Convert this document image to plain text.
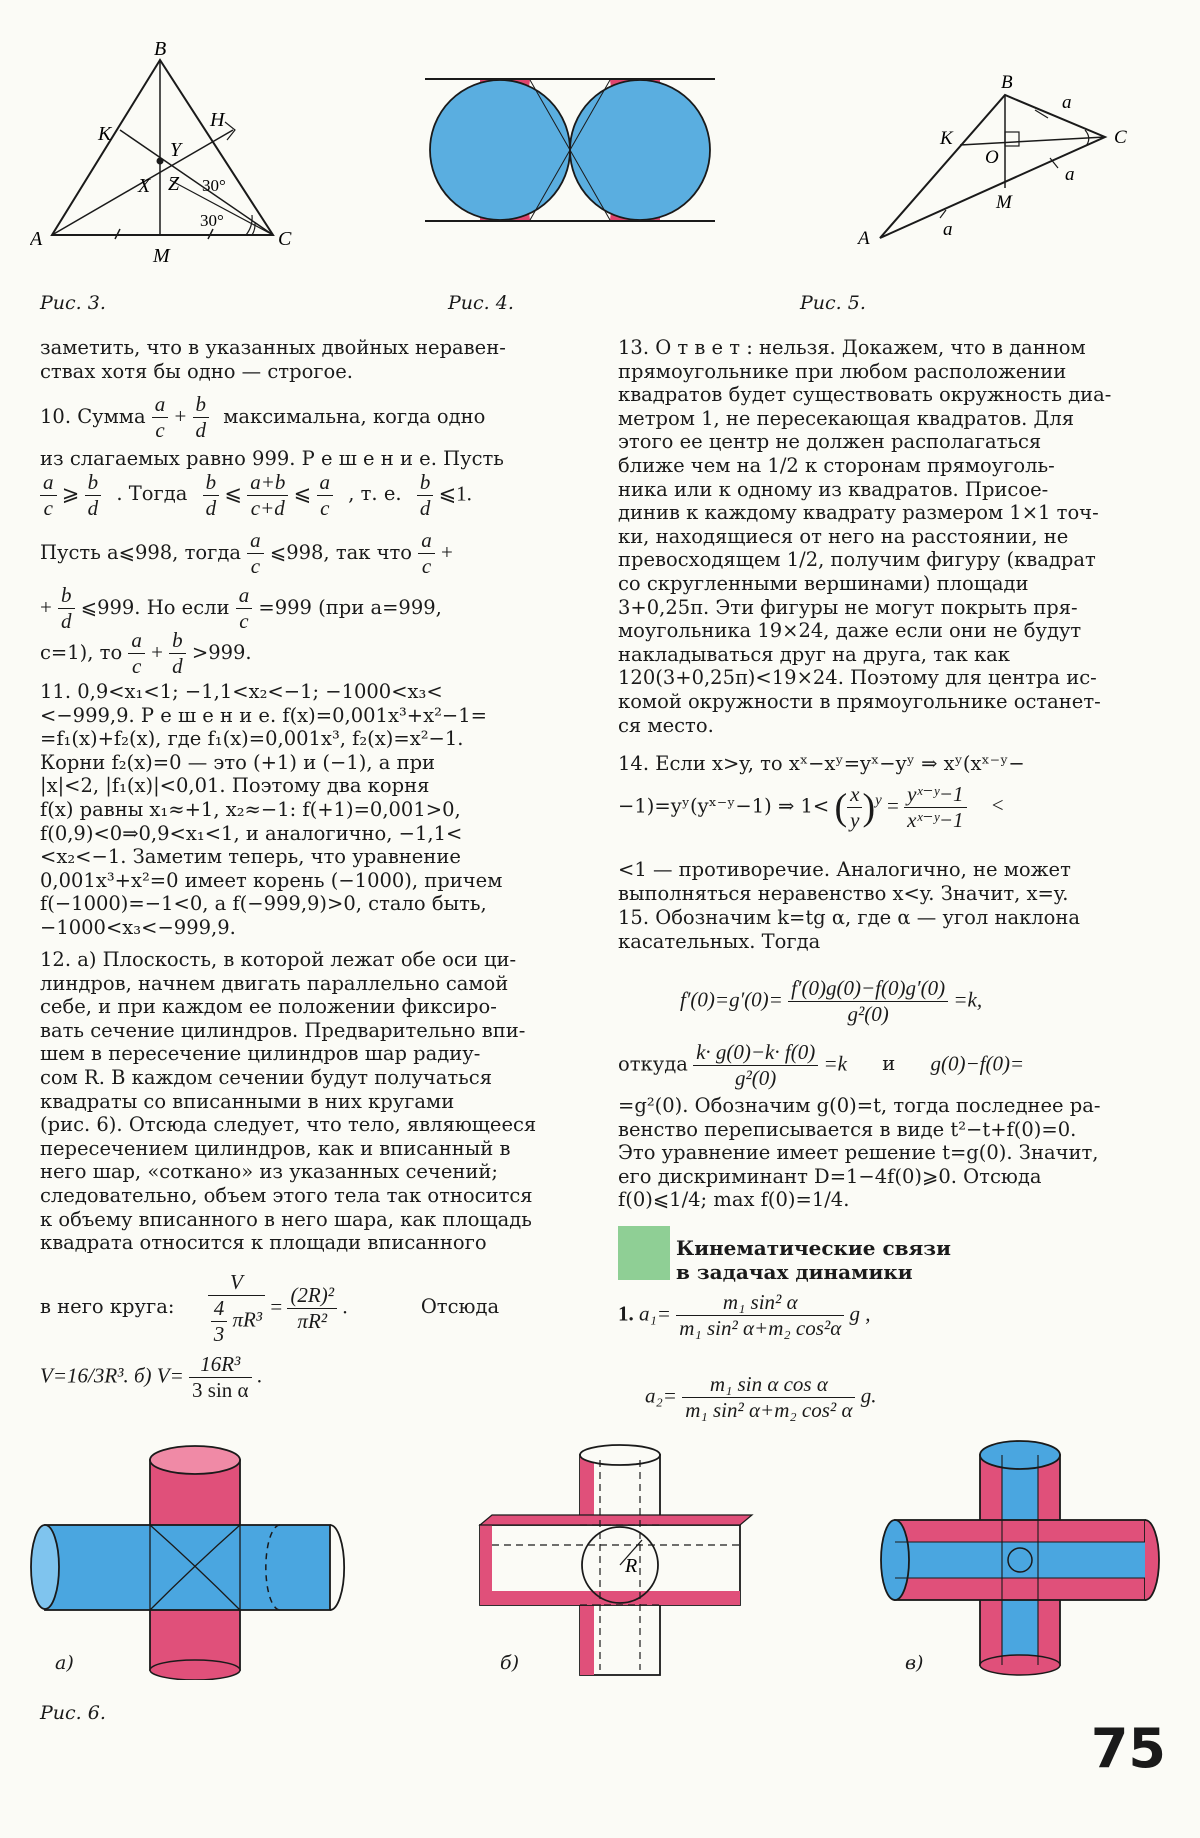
B
K
H
Y
X Z
A
M
C
30°
30°
Рис. 3.	Рис. 4.
B
a
K
O
C
a
M
a
A
Рис. 5.
заметить, что в указанных двойных неравен-
ствах хотя бы одно — строгое.
10. Сумма $\frac{a}{c} + \frac{b}{d}$ максимальна, когда одно
из слагаемых равно 999. Р е ш е н и е. Пусть
$\frac{a}{c}$ ⩾ $\frac{b}{d}$ . Тогда $\frac{b}{d}$ ⩽ $\frac{a+b}{c+d}$ ⩽ $\frac{a}{c}$ , т. е. $\frac{b}{d}$ ⩽1.
Пусть a⩽998, тогда $\frac{a}{c}$ ⩽998, так что $\frac{a}{c}$ +
+ $\frac{b}{d}$ ⩽999. Но если $\frac{a}{c} =999$ (при a=999,
c=1), то $\frac{a}{c} + \frac{b}{d} >999$.
11. 0,9<x₁<1; −1,1<x₂<−1; −1000<x₃<
<−999,9. Р е ш е н и е. f(x)=0,001x³+x²−1=
=f₁(x)+f₂(x), где f₁(x)=0,001x³, f₂(x)=x²−1.
Корни f₂(x)=0 — это (+1) и (−1), а при
|x|<2, |f₁(x)|<0,01. Поэтому два корня
f(x) равны x₁≈+1, x₂≈−1: f(+1)=0,001>0,
f(0,9)<0⇒0,9<x₁<1, и аналогично, −1,1<
<x₂<−1. Заметим теперь, что уравнение
0,001x³+x²=0 имеет корень (−1000), причем
f(−1000)=−1<0, а f(−999,9)>0, стало быть,
−1000<x₃<−999,9.
12. а) Плоскость, в которой лежат обе оси ци-
линдров, начнем двигать параллельно самой
себе, и при каждом ее положении фиксиро-
вать сечение цилиндров. Предварительно впи-
шем в пересечение цилиндров шар радиу-
сом R. В каждом сечении будут получаться
квадраты со вписанными в них кругами
(рис. 6). Отсюда следует, что тело, являющееся
пересечением цилиндров, как и вписанный в
него шар, «соткано» из указанных сечений;
следовательно, объем этого тела так относится
к объему вписанного в него шара, как площадь
квадрата относится к площади вписанного
в него круга: $\frac{V}{\frac{4}{3} \pi R^3} = \frac{\text{(2R)²}}{\text{πR²}}$ .	Отсюда
V=16/3R³. б) $V= \frac{\text{16R³}}{\text{3 sin α}}$ .
13. О т в е т : нельзя. Докажем, что в данном
прямоугольнике при любом расположении
квадратов будет существовать окружность диа-
метром 1, не пересекающая квадратов. Для
этого ее центр не должен располагаться
ближе чем на 1/2 к сторонам прямоуголь-
ника или к одному из квадратов. Присое-
динив к каждому квадрату размером 1×1 точ-
ки, находящиеся от него на расстоянии, не
превосходящем 1/2, получим фигуру (квадрат
со скругленными вершинами) площади
3+0,25π. Эти фигуры не могут покрыть пря-
моугольника 19×24, даже если они не будут
накладываться друг на друга, так как
120(3+0,25π)<19×24. Поэтому для центра ис-
комой окружности в прямоугольнике останет-
ся место.
14. Если x>y, то xˣ−xʸ=yˣ−yʸ ⇒ xʸ(xˣ⁻ʸ−
−1)=yʸ(yˣ⁻ʸ−1) ⇒ 1< ( $\frac{x}{y} )^y = \frac{\text{yˣ⁻ʸ−1}}{\text{xˣ⁻ʸ−1}}$ <
<1 — противоречие. Аналогично, не может
выполняться неравенство x<y. Значит, x=y.
15. Обозначим k=tg α, где α — угол наклона
касательных. Тогда
$f'(0)=g'(0)= \frac{f'(0)g(0)-f(0)g'(0)}{\text{g²(0)}} =k$,
откуда $\frac{k\cdot g(0)-k\cdot f(0)}{\text{g²(0)}} =k$ и g(0)−f(0)=
=g²(0). Обозначим g(0)=t, тогда последнее ра-
венство переписывается в виде t²−t+f(0)=0.
Это уравнение имеет решение t=g(0). Значит,
его дискриминант D=1−4f(0)⩾0. Отсюда
f(0)⩽1/4; max f(0)=1/4.
Кинематические связи
в задачах динамики
1. $a_1= \frac{\text{m₁ sin² α}}{\text{m₁ sin² α+m₂ cos²α}}$ g ,
$a_2= \frac{\text{m₁ sin α cos α}}{\text{m₁ sin² α+m₂ cos² α}} g$.
a)
R
б)	в)
Рис. 6.
75
